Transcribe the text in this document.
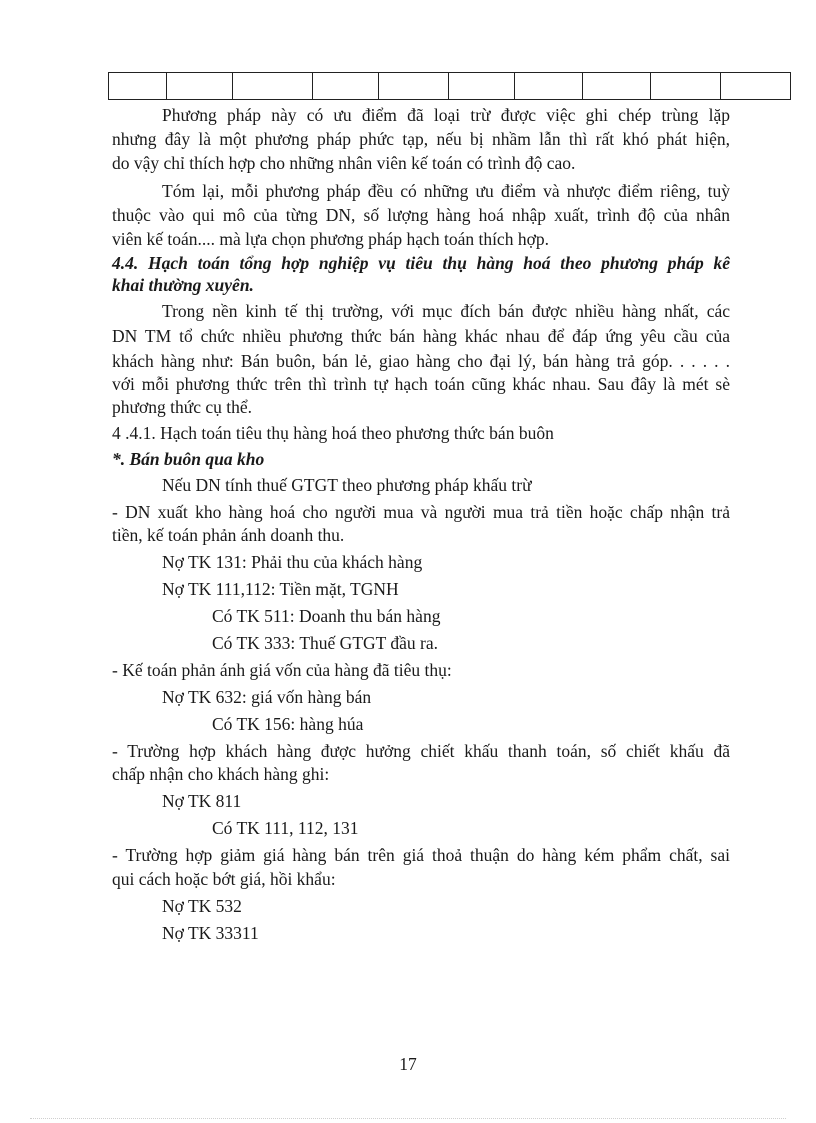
Phương pháp này có ưu điểm đã loại trừ được việc ghi chép trùng lặp
nhưng đây là một phương pháp phức tạp, nếu bị nhầm lẫn thì rất khó phát hiện,
do vậy chỉ thích hợp cho những nhân viên kế toán có trình độ cao.
Tóm lại, mỗi phương pháp đều có những ưu điểm và nhược điểm riêng, tuỳ
thuộc vào qui mô của từng DN, số lượng hàng hoá nhập xuất, trình độ của nhân
viên kế toán.... mà lựa chọn phương pháp hạch toán thích hợp.
4.4. Hạch toán tổng hợp nghiệp vụ tiêu thụ hàng hoá theo phương pháp kê
khai thường xuyên.
Trong nền kinh tế thị trường, với mục đích bán được nhiều hàng nhất, các
DN TM tổ chức nhiều phương thức bán hàng khác nhau để đáp ứng yêu cầu của
khách hàng như: Bán buôn, bán lẻ, giao hàng cho đại lý, bán hàng trả góp. . . . . .
với mỗi phương thức trên thì trình tự hạch toán cũng khác nhau. Sau đây là mét sè
phương thức cụ thể.
4 .4.1. Hạch toán tiêu thụ hàng hoá theo phương thức bán buôn
*. Bán buôn qua kho
Nếu DN tính thuế GTGT theo phương pháp khấu trừ
- DN xuất kho hàng hoá cho người mua và người mua trả tiền hoặc chấp nhận trả
tiền, kế toán phản ánh doanh thu.
Nợ TK 131: Phải thu của khách hàng
Nợ TK 111,112: Tiền mặt, TGNH
Có TK 511: Doanh thu bán hàng
Có TK 333: Thuế GTGT đầu ra.
- Kế toán phản ánh giá vốn của hàng đã tiêu thụ:
Nợ TK 632: giá vốn hàng bán
Có TK 156: hàng húa
- Trường hợp khách hàng được hưởng chiết khấu thanh toán, số chiết khấu đã
chấp nhận cho khách hàng ghi:
Nợ TK 811
Có TK 111, 112, 131
- Trường hợp giảm giá hàng bán trên giá thoả thuận do hàng kém phẩm chất, sai
qui cách hoặc bớt giá, hồi khẩu:
Nợ TK 532
Nợ TK 33311
17
